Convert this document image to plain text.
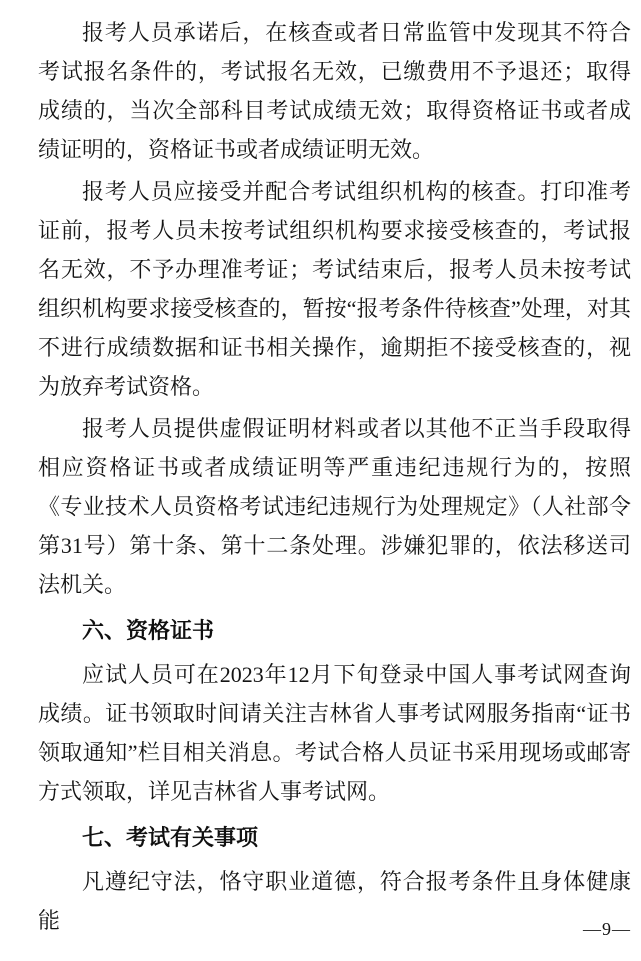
报考人员承诺后，在核查或者日常监管中发现其不符合考试报名条件的，考试报名无效，已缴费用不予退还；取得成绩的，当次全部科目考试成绩无效；取得资格证书或者成绩证明的，资格证书或者成绩证明无效。

报考人员应接受并配合考试组织机构的核查。打印准考证前，报考人员未按考试组织机构要求接受核查的，考试报名无效，不予办理准考证；考试结束后，报考人员未按考试组织机构要求接受核查的，暂按“报考条件待核查”处理，对其不进行成绩数据和证书相关操作，逾期拒不接受核查的，视为放弃考试资格。

报考人员提供虚假证明材料或者以其他不正当手段取得相应资格证书或者成绩证明等严重违纪违规行为的，按照《专业技术人员资格考试违纪违规行为处理规定》（人社部令第31号）第十条、第十二条处理。涉嫌犯罪的，依法移送司法机关。

六、资格证书

应试人员可在2023年12月下旬登录中国人事考试网查询成绩。证书领取时间请关注吉林省人事考试网服务指南“证书领取通知”栏目相关消息。考试合格人员证书采用现场或邮寄方式领取，详见吉林省人事考试网。

七、考试有关事项

凡遵纪守法，恪守职业道德，符合报考条件且身体健康能	—9—
